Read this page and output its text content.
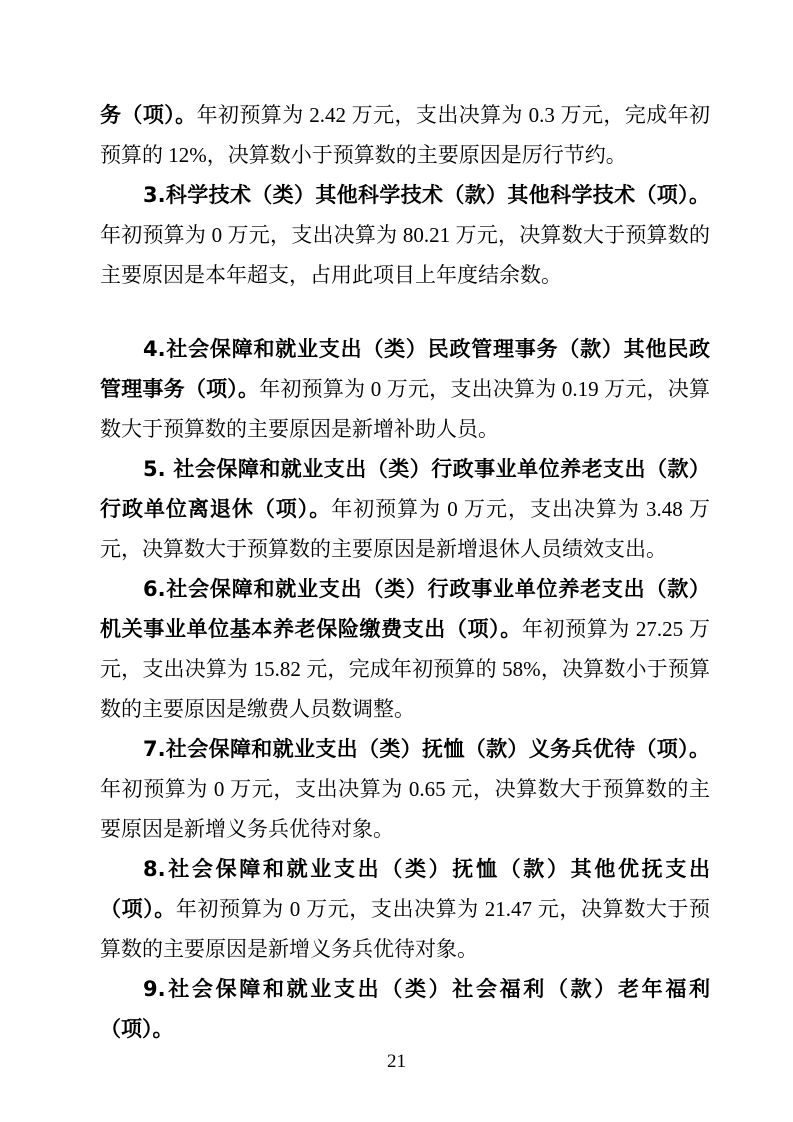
务（项）。年初预算为 2.42 万元，支出决算为 0.3 万元，完成年初预算的 12%，决算数小于预算数的主要原因是厉行节约。

3.科学技术（类）其他科学技术（款）其他科学技术（项）。年初预算为 0 万元，支出决算为 80.21 万元，决算数大于预算数的主要原因是本年超支，占用此项目上年度结余数。

4.社会保障和就业支出（类）民政管理事务（款）其他民政管理事务（项）。年初预算为 0 万元，支出决算为 0.19 万元，决算数大于预算数的主要原因是新增补助人员。

5. 社会保障和就业支出（类）行政事业单位养老支出（款）行政单位离退休（项）。年初预算为 0 万元，支出决算为 3.48 万元，决算数大于预算数的主要原因是新增退休人员绩效支出。

6.社会保障和就业支出（类）行政事业单位养老支出（款）机关事业单位基本养老保险缴费支出（项）。年初预算为 27.25 万元，支出决算为 15.82 元，完成年初预算的 58%，决算数小于预算数的主要原因是缴费人员数调整。

7.社会保障和就业支出（类）抚恤（款）义务兵优待（项）。年初预算为 0 万元，支出决算为 0.65 元，决算数大于预算数的主要原因是新增义务兵优待对象。

8.社会保障和就业支出（类）抚恤（款）其他优抚支出（项）。年初预算为 0 万元，支出决算为 21.47 元，决算数大于预算数的主要原因是新增义务兵优待对象。

9.社会保障和就业支出（类）社会福利（款）老年福利（项）。

21
